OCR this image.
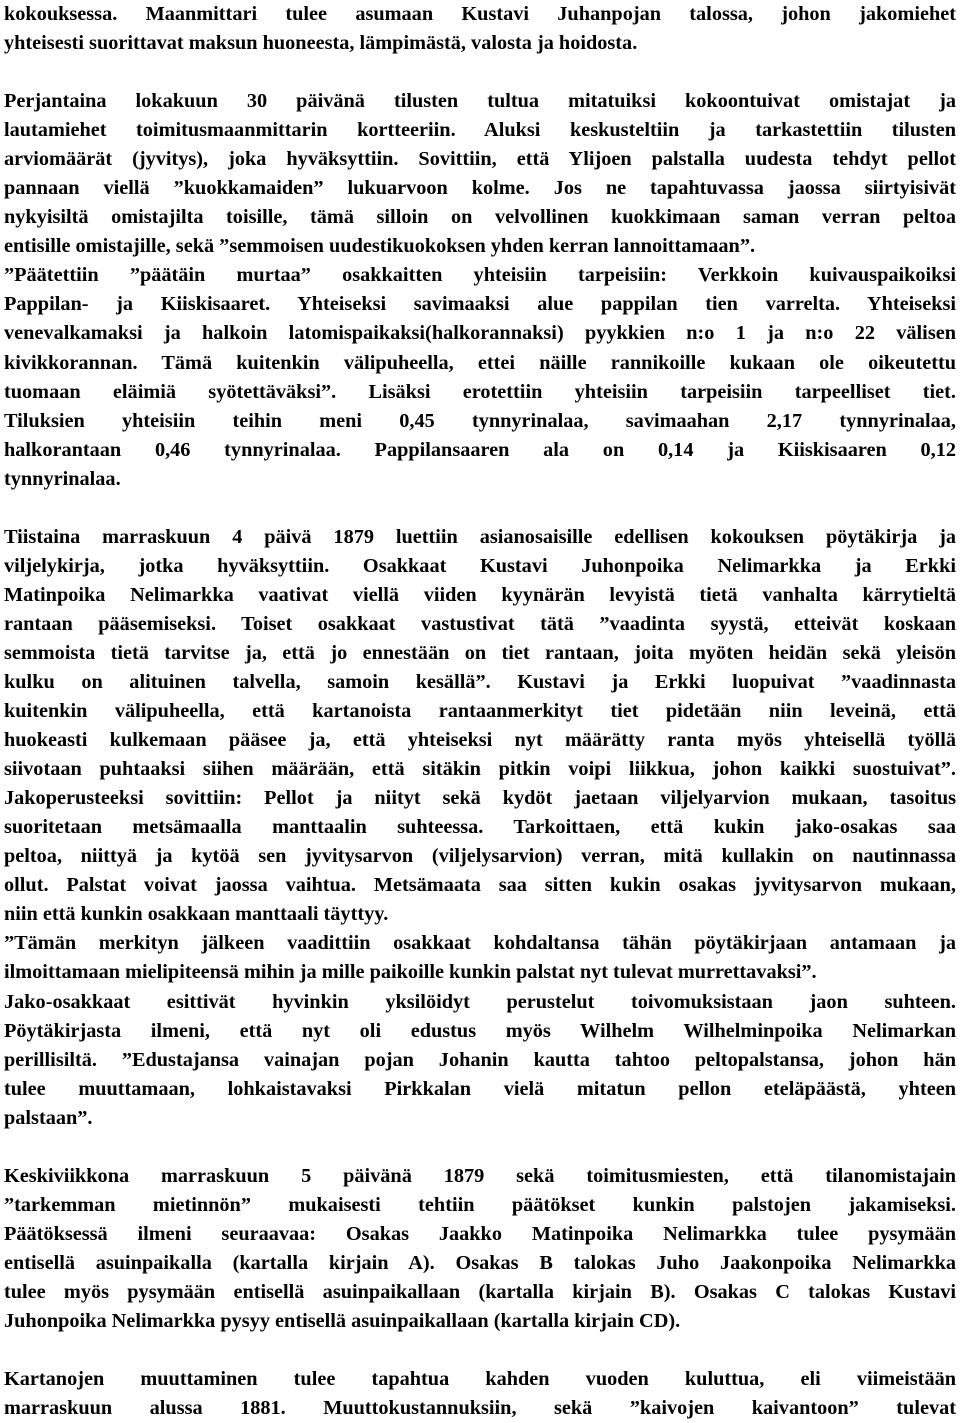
kokouksessa. Maanmittari tulee asumaan Kustavi Juhanpojan talossa, johon jakomiehet
yhteisesti suorittavat maksun huoneesta, lämpimästä, valosta ja hoidosta.
Perjantaina lokakuun 30 päivänä tilusten tultua mitatuiksi kokoontuivat omistajat ja
lautamiehet toimitusmaanmittarin kortteeriin. Aluksi keskusteltiin ja tarkastettiin tilusten
arviomäärät (jyvitys), joka hyväksyttiin. Sovittiin, että Ylijoen palstalla uudesta tehdyt pellot
pannaan viellä ”kuokkamaiden” lukuarvoon kolme. Jos ne tapahtuvassa jaossa siirtyisivät
nykyisiltä omistajilta toisille, tämä silloin on velvollinen kuokkimaan saman verran peltoa
entisille omistajille, sekä ”semmoisen uudestikuokoksen yhden kerran lannoittamaan”.
”Päätettiin ”päätäin murtaa” osakkaitten yhteisiin tarpeisiin: Verkkoin kuivauspaikoiksi
Pappilan- ja Kiiskisaaret. Yhteiseksi savimaaksi alue pappilan tien varrelta. Yhteiseksi
venevalkamaksi ja halkoin latomispaikaksi(halkorannaksi) pyykkien n:o 1 ja n:o 22 välisen
kivikkorannan. Tämä kuitenkin välipuheella, ettei näille rannikoille kukaan ole oikeutettu
tuomaan eläimiä syötettäväksi”. Lisäksi erotettiin yhteisiin tarpeisiin tarpeelliset tiet.
Tiluksien yhteisiin teihin meni 0,45 tynnyrinalaa, savimaahan 2,17 tynnyrinalaa,
halkorantaan 0,46 tynnyrinalaa. Pappilansaaren ala on 0,14 ja Kiiskisaaren 0,12
tynnyrinalaa.
Tiistaina marraskuun 4 päivä 1879 luettiin asianosaisille edellisen kokouksen pöytäkirja ja
viljelykirja, jotka hyväksyttiin. Osakkaat Kustavi Juhonpoika Nelimarkka ja Erkki
Matinpoika Nelimarkka vaativat viellä viiden kyynärän levyistä tietä vanhalta kärrytieltä
rantaan pääsemiseksi. Toiset osakkaat vastustivat tätä ”vaadinta syystä, etteivät koskaan
semmoista tietä tarvitse ja, että jo ennestään on tiet rantaan, joita myöten heidän sekä yleisön
kulku on alituinen talvella, samoin kesällä”. Kustavi ja Erkki luopuivat ”vaadinnasta
kuitenkin välipuheella, että kartanoista rantaanmerkityt tiet pidetään niin leveinä, että
huokeasti kulkemaan pääsee ja, että yhteiseksi nyt määrätty ranta myös yhteisellä työllä
siivotaan puhtaaksi siihen määrään, että sitäkin pitkin voipi liikkua, johon kaikki suostuivat”.
Jakoperusteeksi sovittiin: Pellot ja niityt sekä kydöt jaetaan viljelyarvion mukaan, tasoitus
suoritetaan metsämaalla manttaalin suhteessa. Tarkoittaen, että kukin jako-osakas saa
peltoa, niittyä ja kytöä sen jyvitysarvon (viljelysarvion) verran, mitä kullakin on nautinnassa
ollut. Palstat voivat jaossa vaihtua. Metsämaata saa sitten kukin osakas jyvitysarvon mukaan,
niin että kunkin osakkaan manttaali täyttyy.
”Tämän merkityn jälkeen vaadittiin osakkaat kohdaltansa tähän pöytäkirjaan antamaan ja
ilmoittamaan mielipiteensä mihin ja mille paikoille kunkin palstat nyt tulevat murrettavaksi”.
Jako-osakkaat esittivät hyvinkin yksilöidyt perustelut toivomuksistaan jaon suhteen.
Pöytäkirjasta ilmeni, että nyt oli edustus myös Wilhelm Wilhelminpoika Nelimarkan
perillisiltä. ”Edustajansa vainajan pojan Johanin kautta tahtoo peltopalstansa, johon hän
tulee muuttamaan, lohkaistavaksi Pirkkalan vielä mitatun pellon eteläpäästä, yhteen
palstaan”.
Keskiviikkona marraskuun 5 päivänä 1879 sekä toimitusmiesten, että tilanomistajain
”tarkemman mietinnön” mukaisesti tehtiin päätökset kunkin palstojen jakamiseksi.
Päätöksessä ilmeni seuraavaa: Osakas Jaakko Matinpoika Nelimarkka tulee pysymään
entisellä asuinpaikalla (kartalla kirjain A). Osakas B talokas Juho Jaakonpoika Nelimarkka
tulee myös pysymään entisellä asuinpaikallaan (kartalla kirjain B). Osakas C talokas Kustavi
Juhonpoika Nelimarkka pysyy entisellä asuinpaikallaan (kartalla kirjain CD).
Kartanojen muuttaminen tulee tapahtua kahden vuoden kuluttua, eli viimeistään
marraskuun alussa 1881. Muuttokustannuksiin, sekä ”kaivojen kaivantoon” tulevat
